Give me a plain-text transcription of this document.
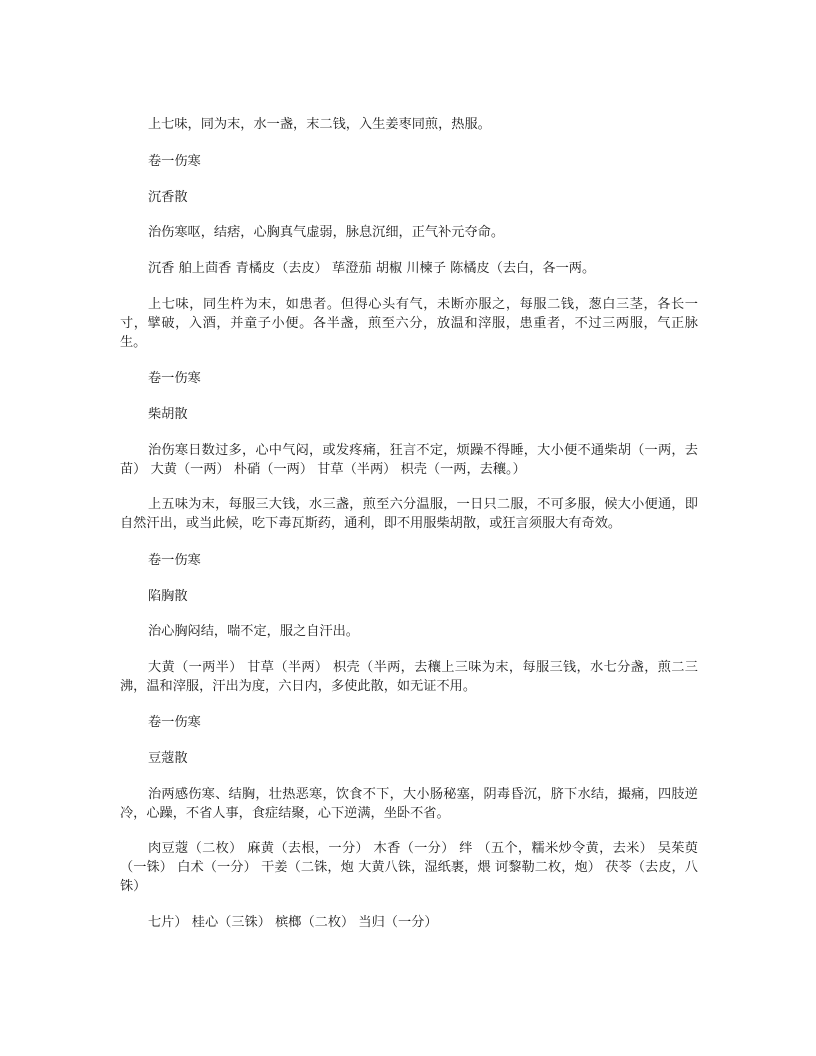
上七味，同为末，水一盏，末二钱，入生姜枣同煎，热服。

卷一伤寒

沉香散

治伤寒呕，结痞，心胸真气虚弱，脉息沉细，正气补元夺命。

沉香 舶上茴香 青橘皮（去皮） 荜澄茄 胡椒 川楝子 陈橘皮（去白，各一两。

上七味，同生杵为末，如患者。但得心头有气，未断亦服之，每服二钱，葱白三茎，各长一寸，擘破，入酒，并童子小便。各半盏，煎至六分，放温和滓服，患重者，不过三两服，气正脉生。

卷一伤寒

柴胡散

治伤寒日数过多，心中气闷，或发疼痛，狂言不定，烦躁不得睡，大小便不通柴胡（一两，去苗） 大黄（一两） 朴硝（一两） 甘草（半两） 枳壳（一两，去穰。）

上五味为末，每服三大钱，水三盏，煎至六分温服，一日只二服，不可多服，候大小便通，即自然汗出，或当此候，吃下毒瓦斯药，通利，即不用服柴胡散，或狂言须服大有奇效。

卷一伤寒

陷胸散

治心胸闷结，喘不定，服之自汗出。

大黄（一两半） 甘草（半两） 枳壳（半两，去穰上三味为末，每服三钱，水七分盏，煎二三沸，温和滓服，汗出为度，六日内，多使此散，如无证不用。

卷一伤寒

豆蔻散

治两感伤寒、结胸，壮热恶寒，饮食不下，大小肠秘塞，阴毒昏沉，脐下水结，撮痛，四肢逆冷，心躁，不省人事，食症结聚，心下逆满，坐卧不省。

肉豆蔻（二枚） 麻黄（去根，一分） 木香（一分） 绊 （五个，糯米炒令黄，去米） 吴茱萸（一铢） 白术（一分） 干姜（二铢，炮 大黄八铢，湿纸裹，煨 诃黎勒二枚，炮） 茯苓（去皮，八铢）

七片） 桂心（三铢） 槟榔（二枚） 当归（一分）
